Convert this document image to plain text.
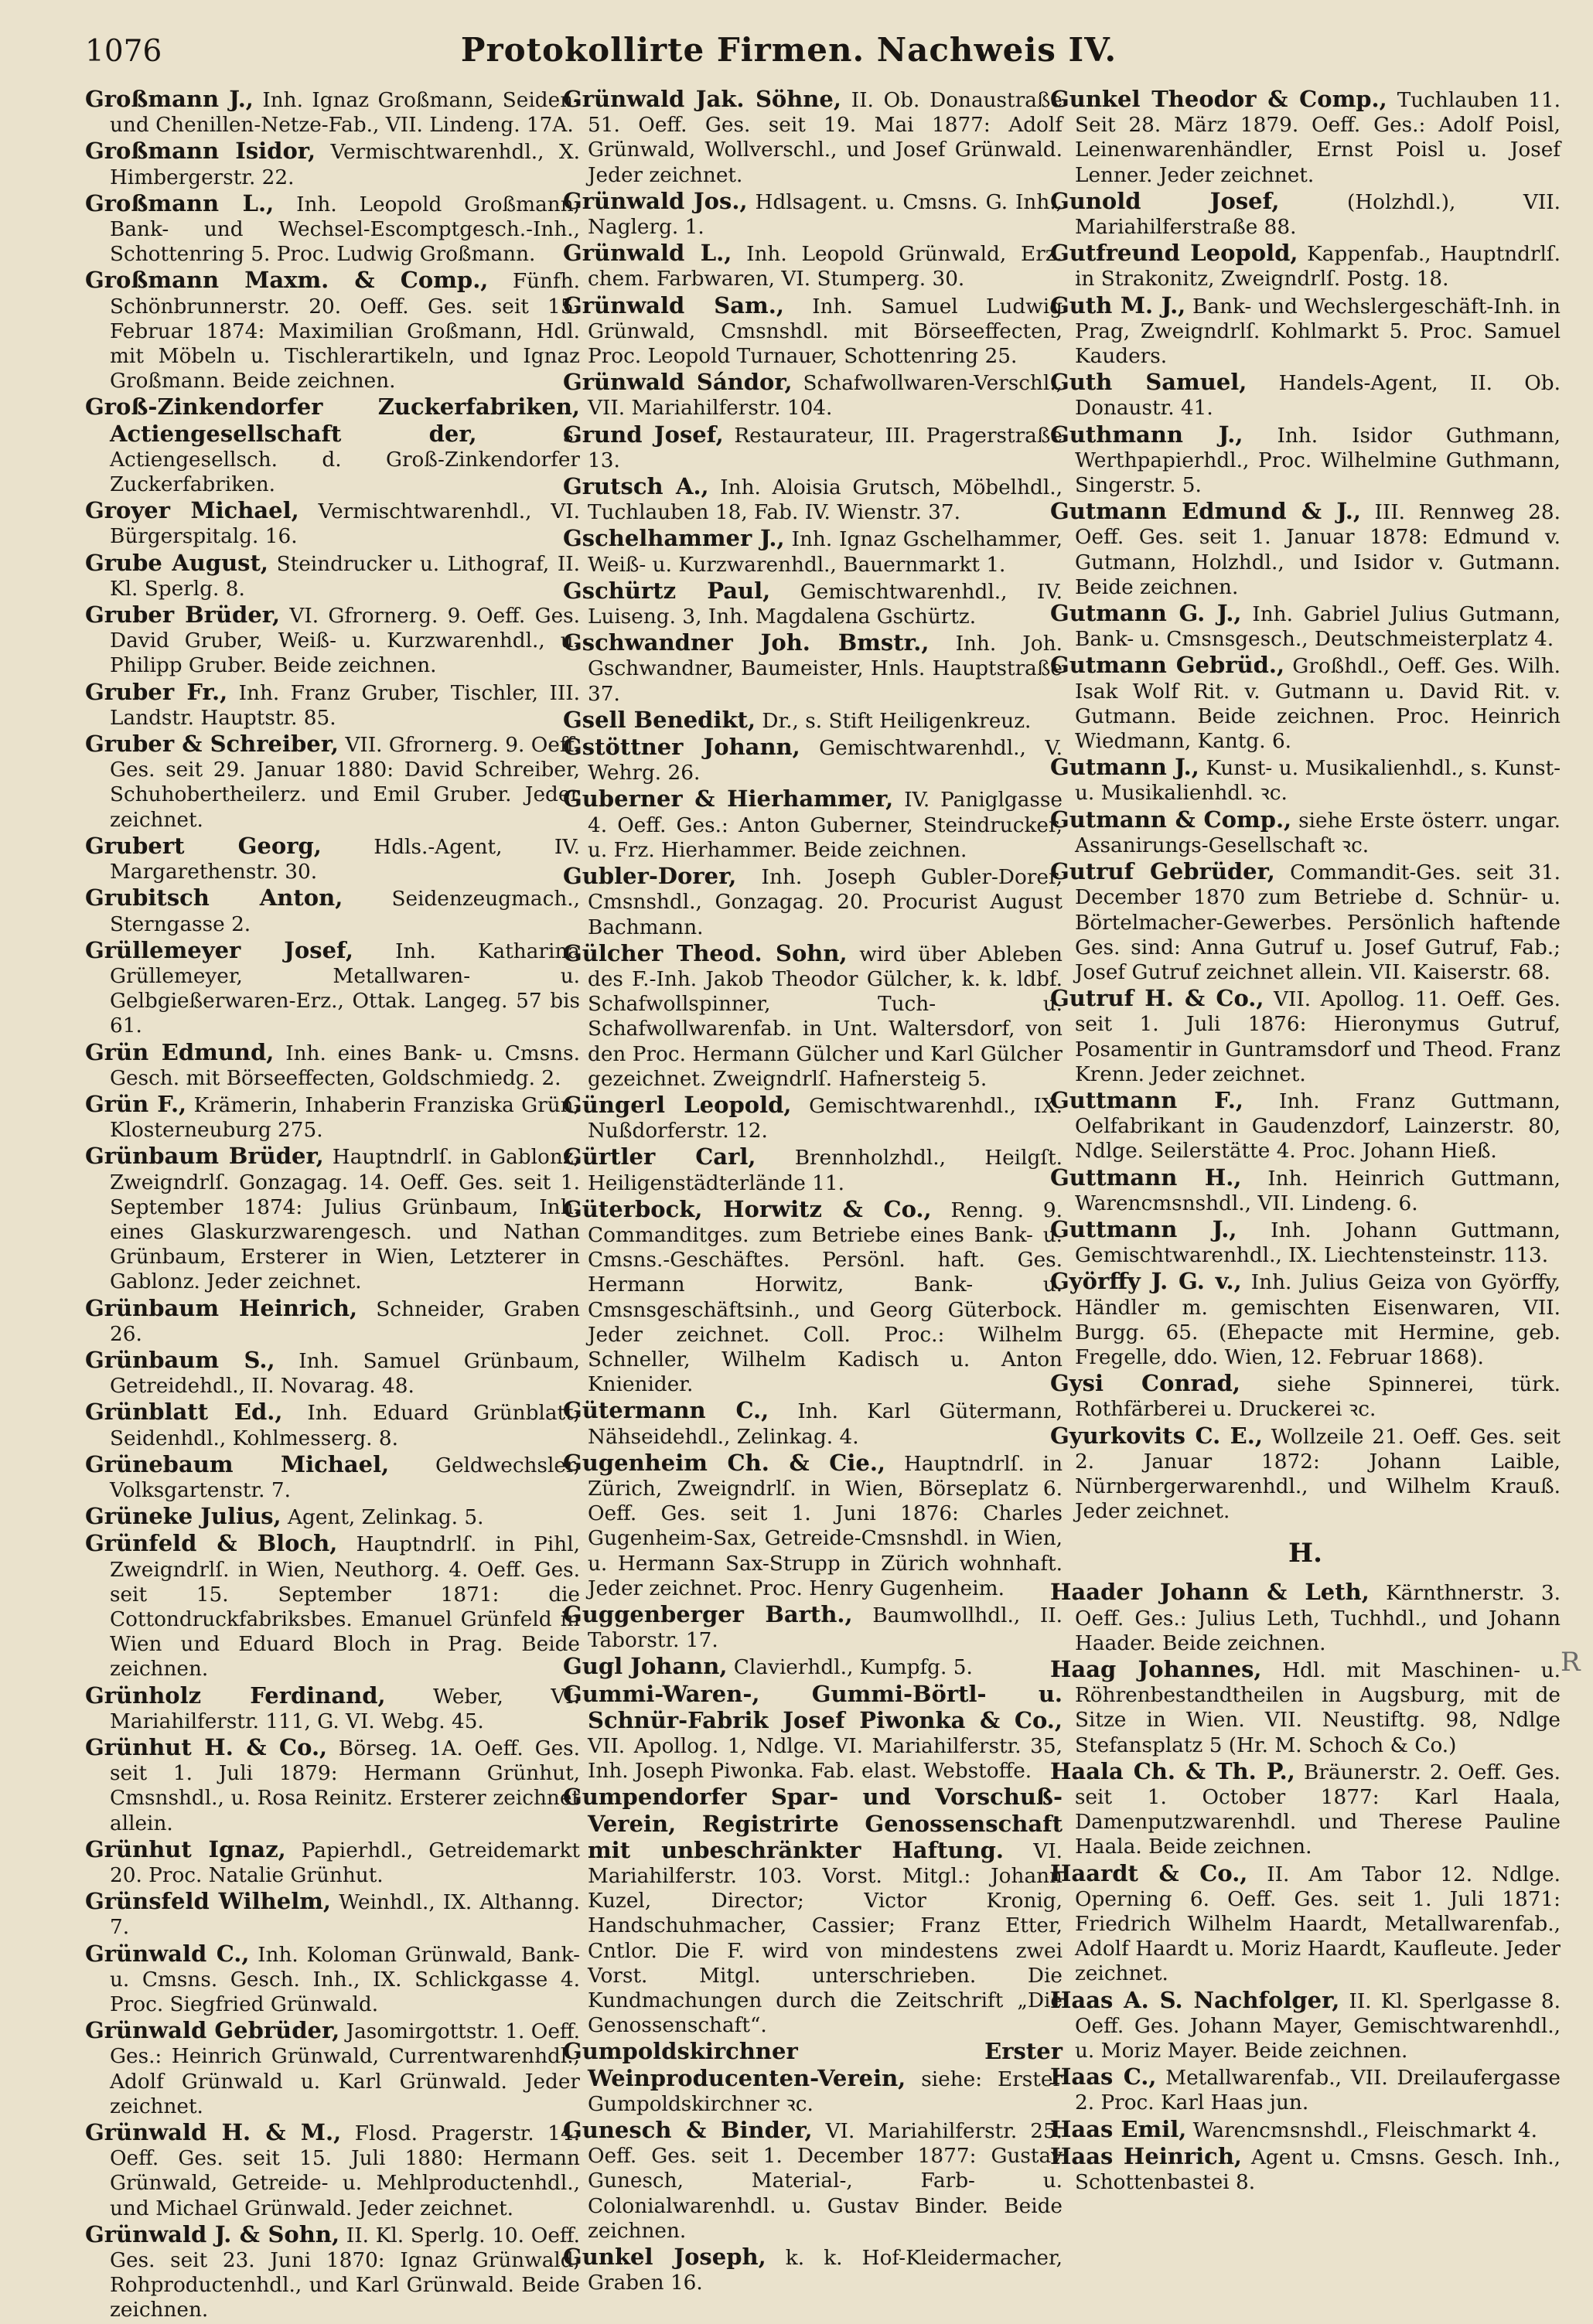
1076	Protokollirte Firmen. Nachweis IV.
Großmann J., Inh. Ignaz Großmann, Seiden- und Chenillen-Netze-Fab., VII. Lindeng. 17A.
Großmann Isidor, Vermischtwarenhdl., X. Himbergerstr. 22.
Großmann L., Inh. Leopold Großmann, Bank- und Wechsel-Escomptgesch.-Inh., Schottenring 5. Proc. Ludwig Großmann.
Großmann Maxm. & Comp., Fünfh. Schönbrunnerstr. 20. Oeff. Ges. seit 15. Februar 1874: Maximilian Großmann, Hdl. mit Möbeln u. Tischlerartikeln, und Ignaz Großmann. Beide zeichnen.
Groß-Zinkendorfer Zuckerfabriken, Actiengesellschaft der, s. Actiengesellsch. d. Groß-Zinkendorfer Zuckerfabriken.
Groyer Michael, Vermischtwarenhdl., VI. Bürgerspitalg. 16.
Grube August, Steindrucker u. Lithograf, II. Kl. Sperlg. 8.
Gruber Brüder, VI. Gfrornerg. 9. Oeff. Ges. David Gruber, Weiß- u. Kurzwarenhdl., u. Philipp Gruber. Beide zeichnen.
Gruber Fr., Inh. Franz Gruber, Tischler, III. Landstr. Hauptstr. 85.
Gruber & Schreiber, VII. Gfrornerg. 9. Oeff. Ges. seit 29. Januar 1880: David Schreiber, Schuhobertheilerz. und Emil Gruber. Jeder zeichnet.
Grubert Georg, Hdls.-Agent, IV. Margarethenstr. 30.
Grubitsch Anton, Seidenzeugmach., Sterngasse 2.
Grüllemeyer Josef, Inh. Katharina Grüllemeyer, Metallwaren- u. Gelbgießerwaren-Erz., Ottak. Langeg. 57 bis 61.
Grün Edmund, Inh. eines Bank- u. Cmsns. Gesch. mit Börseeffecten, Goldschmiedg. 2.
Grün F., Krämerin, Inhaberin Franziska Grün, Klosterneuburg 275.
Grünbaum Brüder, Hauptndrlſ. in Gablonz, Zweigndrlſ. Gonzagag. 14. Oeff. Ges. seit 1. September 1874: Julius Grünbaum, Inh. eines Glaskurzwarengesch. und Nathan Grünbaum, Ersterer in Wien, Letzterer in Gablonz. Jeder zeichnet.
Grünbaum Heinrich, Schneider, Graben 26.
Grünbaum S., Inh. Samuel Grünbaum, Getreidehdl., II. Novarag. 48.
Grünblatt Ed., Inh. Eduard Grünblatt, Seidenhdl., Kohlmesserg. 8.
Grünebaum Michael, Geldwechsler, Volksgartenstr. 7.
Grüneke Julius, Agent, Zelinkag. 5.
Grünfeld & Bloch, Hauptndrlſ. in Pihl, Zweigndrlſ. in Wien, Neuthorg. 4. Oeff. Ges. seit 15. September 1871: die Cottondruckfabriksbes. Emanuel Grünfeld in Wien und Eduard Bloch in Prag. Beide zeichnen.
Grünholz Ferdinand, Weber, VI. Mariahilferstr. 111, G. VI. Webg. 45.
Grünhut H. & Co., Börseg. 1A. Oeff. Ges. seit 1. Juli 1879: Hermann Grünhut, Cmsnshdl., u. Rosa Reinitz. Ersterer zeichnet allein.
Grünhut Ignaz, Papierhdl., Getreidemarkt 20. Proc. Natalie Grünhut.
Grünsfeld Wilhelm, Weinhdl., IX. Althanng. 7.
Grünwald C., Inh. Koloman Grünwald, Bank- u. Cmsns. Gesch. Inh., IX. Schlickgasse 4. Proc. Siegfried Grünwald.
Grünwald Gebrüder, Jasomirgottstr. 1. Oeff. Ges.: Heinrich Grünwald, Currentwarenhdl., Adolf Grünwald u. Karl Grünwald. Jeder zeichnet.
Grünwald H. & M., Flosd. Pragerstr. 14. Oeff. Ges. seit 15. Juli 1880: Hermann Grünwald, Getreide- u. Mehlproductenhdl., und Michael Grünwald. Jeder zeichnet.
Grünwald J. & Sohn, II. Kl. Sperlg. 10. Oeff. Ges. seit 23. Juni 1870: Ignaz Grünwald, Rohproductenhdl., und Karl Grünwald. Beide zeichnen.
Grünwald Jak. Söhne, II. Ob. Donaustraße 51. Oeff. Ges. seit 19. Mai 1877: Adolf Grünwald, Wollverschl., und Josef Grünwald. Jeder zeichnet.
Grünwald Jos., Hdlsagent. u. Cmsns. G. Inh., Naglerg. 1.
Grünwald L., Inh. Leopold Grünwald, Erz. chem. Farbwaren, VI. Stumperg. 30.
Grünwald Sam., Inh. Samuel Ludwig Grünwald, Cmsnshdl. mit Börseeffecten, Proc. Leopold Turnauer, Schottenring 25.
Grünwald Sándor, Schafwollwaren-Verschl., VII. Mariahilferstr. 104.
Grund Josef, Restaurateur, III. Pragerstraße 13.
Grutsch A., Inh. Aloisia Grutsch, Möbelhdl., Tuchlauben 18, Fab. IV. Wienstr. 37.
Gschelhammer J., Inh. Ignaz Gschelhammer, Weiß- u. Kurzwarenhdl., Bauernmarkt 1.
Gschürtz Paul, Gemischtwarenhdl., IV. Luiseng. 3, Inh. Magdalena Gschürtz.
Gschwandner Joh. Bmstr., Inh. Joh. Gschwandner, Baumeister, Hnls. Hauptstraße 37.
Gsell Benedikt, Dr., s. Stift Heiligenkreuz.
Gstöttner Johann, Gemischtwarenhdl., V. Wehrg. 26.
Guberner & Hierhammer, IV. Paniglgasse 4. Oeff. Ges.: Anton Guberner, Steindrucker, u. Frz. Hierhammer. Beide zeichnen.
Gubler-Dorer, Inh. Joseph Gubler-Dorer, Cmsnshdl., Gonzagag. 20. Procurist August Bachmann.
Gülcher Theod. Sohn, wird über Ableben des F.-Inh. Jakob Theodor Gülcher, k. k. ldbf. Schafwollspinner, Tuch- u. Schafwollwarenfab. in Unt. Waltersdorf, von den Proc. Hermann Gülcher und Karl Gülcher gezeichnet. Zweigndrlſ. Hafnersteig 5.
Güngerl Leopold, Gemischtwarenhdl., IX. Nußdorferstr. 12.
Gürtler Carl, Brennholzhdl., Heilgſt. Heiligenstädterlände 11.
Güterbock, Horwitz & Co., Renng. 9. Commanditges. zum Betriebe eines Bank- u. Cmsns.-Geschäftes. Persönl. haft. Ges. Hermann Horwitz, Bank- u. Cmsnsgeschäftsinh., und Georg Güterbock. Jeder zeichnet. Coll. Proc.: Wilhelm Schneller, Wilhelm Kadisch u. Anton Knienider.
Gütermann C., Inh. Karl Gütermann, Nähseidehdl., Zelinkag. 4.
Gugenheim Ch. & Cie., Hauptndrlſ. in Zürich, Zweigndrlſ. in Wien, Börseplatz 6. Oeff. Ges. seit 1. Juni 1876: Charles Gugenheim-Sax, Getreide-Cmsnshdl. in Wien, u. Hermann Sax-Strupp in Zürich wohnhaft. Jeder zeichnet. Proc. Henry Gugenheim.
Guggenberger Barth., Baumwollhdl., II. Taborstr. 17.
Gugl Johann, Clavierhdl., Kumpfg. 5.
Gummi-Waren-, Gummi-Börtl- u. Schnür-Fabrik Josef Piwonka & Co., VII. Apollog. 1, Ndlge. VI. Mariahilferstr. 35, Inh. Joseph Piwonka. Fab. elast. Webstoffe.
Gumpendorfer Spar- und Vorschuß-Verein, Registrirte Genossenschaft mit unbeschränkter Haftung. VI. Mariahilferstr. 103. Vorst. Mitgl.: Johann Kuzel, Director; Victor Kronig, Handschuhmacher, Cassier; Franz Etter, Cntlor. Die F. wird von mindestens zwei Vorst. Mitgl. unterschrieben. Die Kundmachungen durch die Zeitschrift „Die Genossenschaft“.
Gumpoldskirchner Erster Weinproducenten-Verein, siehe: Erster Gumpoldskirchner ꝛc.
Gunesch & Binder, VI. Mariahilferstr. 25. Oeff. Ges. seit 1. December 1877: Gustav Gunesch, Material-, Farb- u. Colonialwarenhdl. u. Gustav Binder. Beide zeichnen.
Gunkel Joseph, k. k. Hof-Kleidermacher, Graben 16.
Gunkel Theodor & Comp., Tuchlauben 11. Seit 28. März 1879. Oeff. Ges.: Adolf Poisl, Leinenwarenhändler, Ernst Poisl u. Josef Lenner. Jeder zeichnet.
Gunold Josef, (Holzhdl.), VII. Mariahilferstraße 88.
Gutfreund Leopold, Kappenfab., Hauptndrlſ. in Strakonitz, Zweigndrlſ. Postg. 18.
Guth M. J., Bank- und Wechslergeschäft-Inh. in Prag, Zweigndrlſ. Kohlmarkt 5. Proc. Samuel Kauders.
Guth Samuel, Handels-Agent, II. Ob. Donaustr. 41.
Guthmann J., Inh. Isidor Guthmann, Werthpapierhdl., Proc. Wilhelmine Guthmann, Singerstr. 5.
Gutmann Edmund & J., III. Rennweg 28. Oeff. Ges. seit 1. Januar 1878: Edmund v. Gutmann, Holzhdl., und Isidor v. Gutmann. Beide zeichnen.
Gutmann G. J., Inh. Gabriel Julius Gutmann, Bank- u. Cmsnsgesch., Deutschmeisterplatz 4.
Gutmann Gebrüd., Großhdl., Oeff. Ges. Wilh. Isak Wolf Rit. v. Gutmann u. David Rit. v. Gutmann. Beide zeichnen. Proc. Heinrich Wiedmann, Kantg. 6.
Gutmann J., Kunst- u. Musikalienhdl., s. Kunst- u. Musikalienhdl. ꝛc.
Gutmann & Comp., siehe Erste österr. ungar. Assanirungs-Gesellschaft ꝛc.
Gutruf Gebrüder, Commandit-Ges. seit 31. December 1870 zum Betriebe d. Schnür- u. Börtelmacher-Gewerbes. Persönlich haftende Ges. sind: Anna Gutruf u. Josef Gutruf, Fab.; Josef Gutruf zeichnet allein. VII. Kaiserstr. 68.
Gutruf H. & Co., VII. Apollog. 11. Oeff. Ges. seit 1. Juli 1876: Hieronymus Gutruf, Posamentir in Guntramsdorf und Theod. Franz Krenn. Jeder zeichnet.
Guttmann F., Inh. Franz Guttmann, Oelfabrikant in Gaudenzdorf, Lainzerstr. 80, Ndlge. Seilerstätte 4. Proc. Johann Hieß.
Guttmann H., Inh. Heinrich Guttmann, Warencmsnshdl., VII. Lindeng. 6.
Guttmann J., Inh. Johann Guttmann, Gemischtwarenhdl., IX. Liechtensteinstr. 113.
Györffy J. G. v., Inh. Julius Geiza von Györffy, Händler m. gemischten Eisenwaren, VII. Burgg. 65. (Ehepacte mit Hermine, geb. Fregelle, ddo. Wien, 12. Februar 1868).
Gysi Conrad, siehe Spinnerei, türk. Rothfärberei u. Druckerei ꝛc.
Gyurkovits C. E., Wollzeile 21. Oeff. Ges. seit 2. Januar 1872: Johann Laible, Nürnbergerwarenhdl., und Wilhelm Krauß. Jeder zeichnet.
H.
Haader Johann & Leth, Kärnthnerstr. 3. Oeff. Ges.: Julius Leth, Tuchhdl., und Johann Haader. Beide zeichnen.
Haag Johannes, Hdl. mit Maschinen- u. Röhrenbestandtheilen in Augsburg, mit de Sitze in Wien. VII. Neustiftg. 98, Ndlge Stefansplatz 5 (Hr. M. Schoch & Co.)
Haala Ch. & Th. P., Bräunerstr. 2. Oeff. Ges. seit 1. October 1877: Karl Haala, Damenputzwarenhdl. und Therese Pauline Haala. Beide zeichnen.
Haardt & Co., II. Am Tabor 12. Ndlge. Operning 6. Oeff. Ges. seit 1. Juli 1871: Friedrich Wilhelm Haardt, Metallwarenfab., Adolf Haardt u. Moriz Haardt, Kaufleute. Jeder zeichnet.
Haas A. S. Nachfolger, II. Kl. Sperlgasse 8. Oeff. Ges. Johann Mayer, Gemischtwarenhdl., u. Moriz Mayer. Beide zeichnen.
Haas C., Metallwarenfab., VII. Dreilaufergasse 2. Proc. Karl Haas jun.
Haas Emil, Warencmsnshdl., Fleischmarkt 4.
Haas Heinrich, Agent u. Cmsns. Gesch. Inh., Schottenbastei 8.
R
